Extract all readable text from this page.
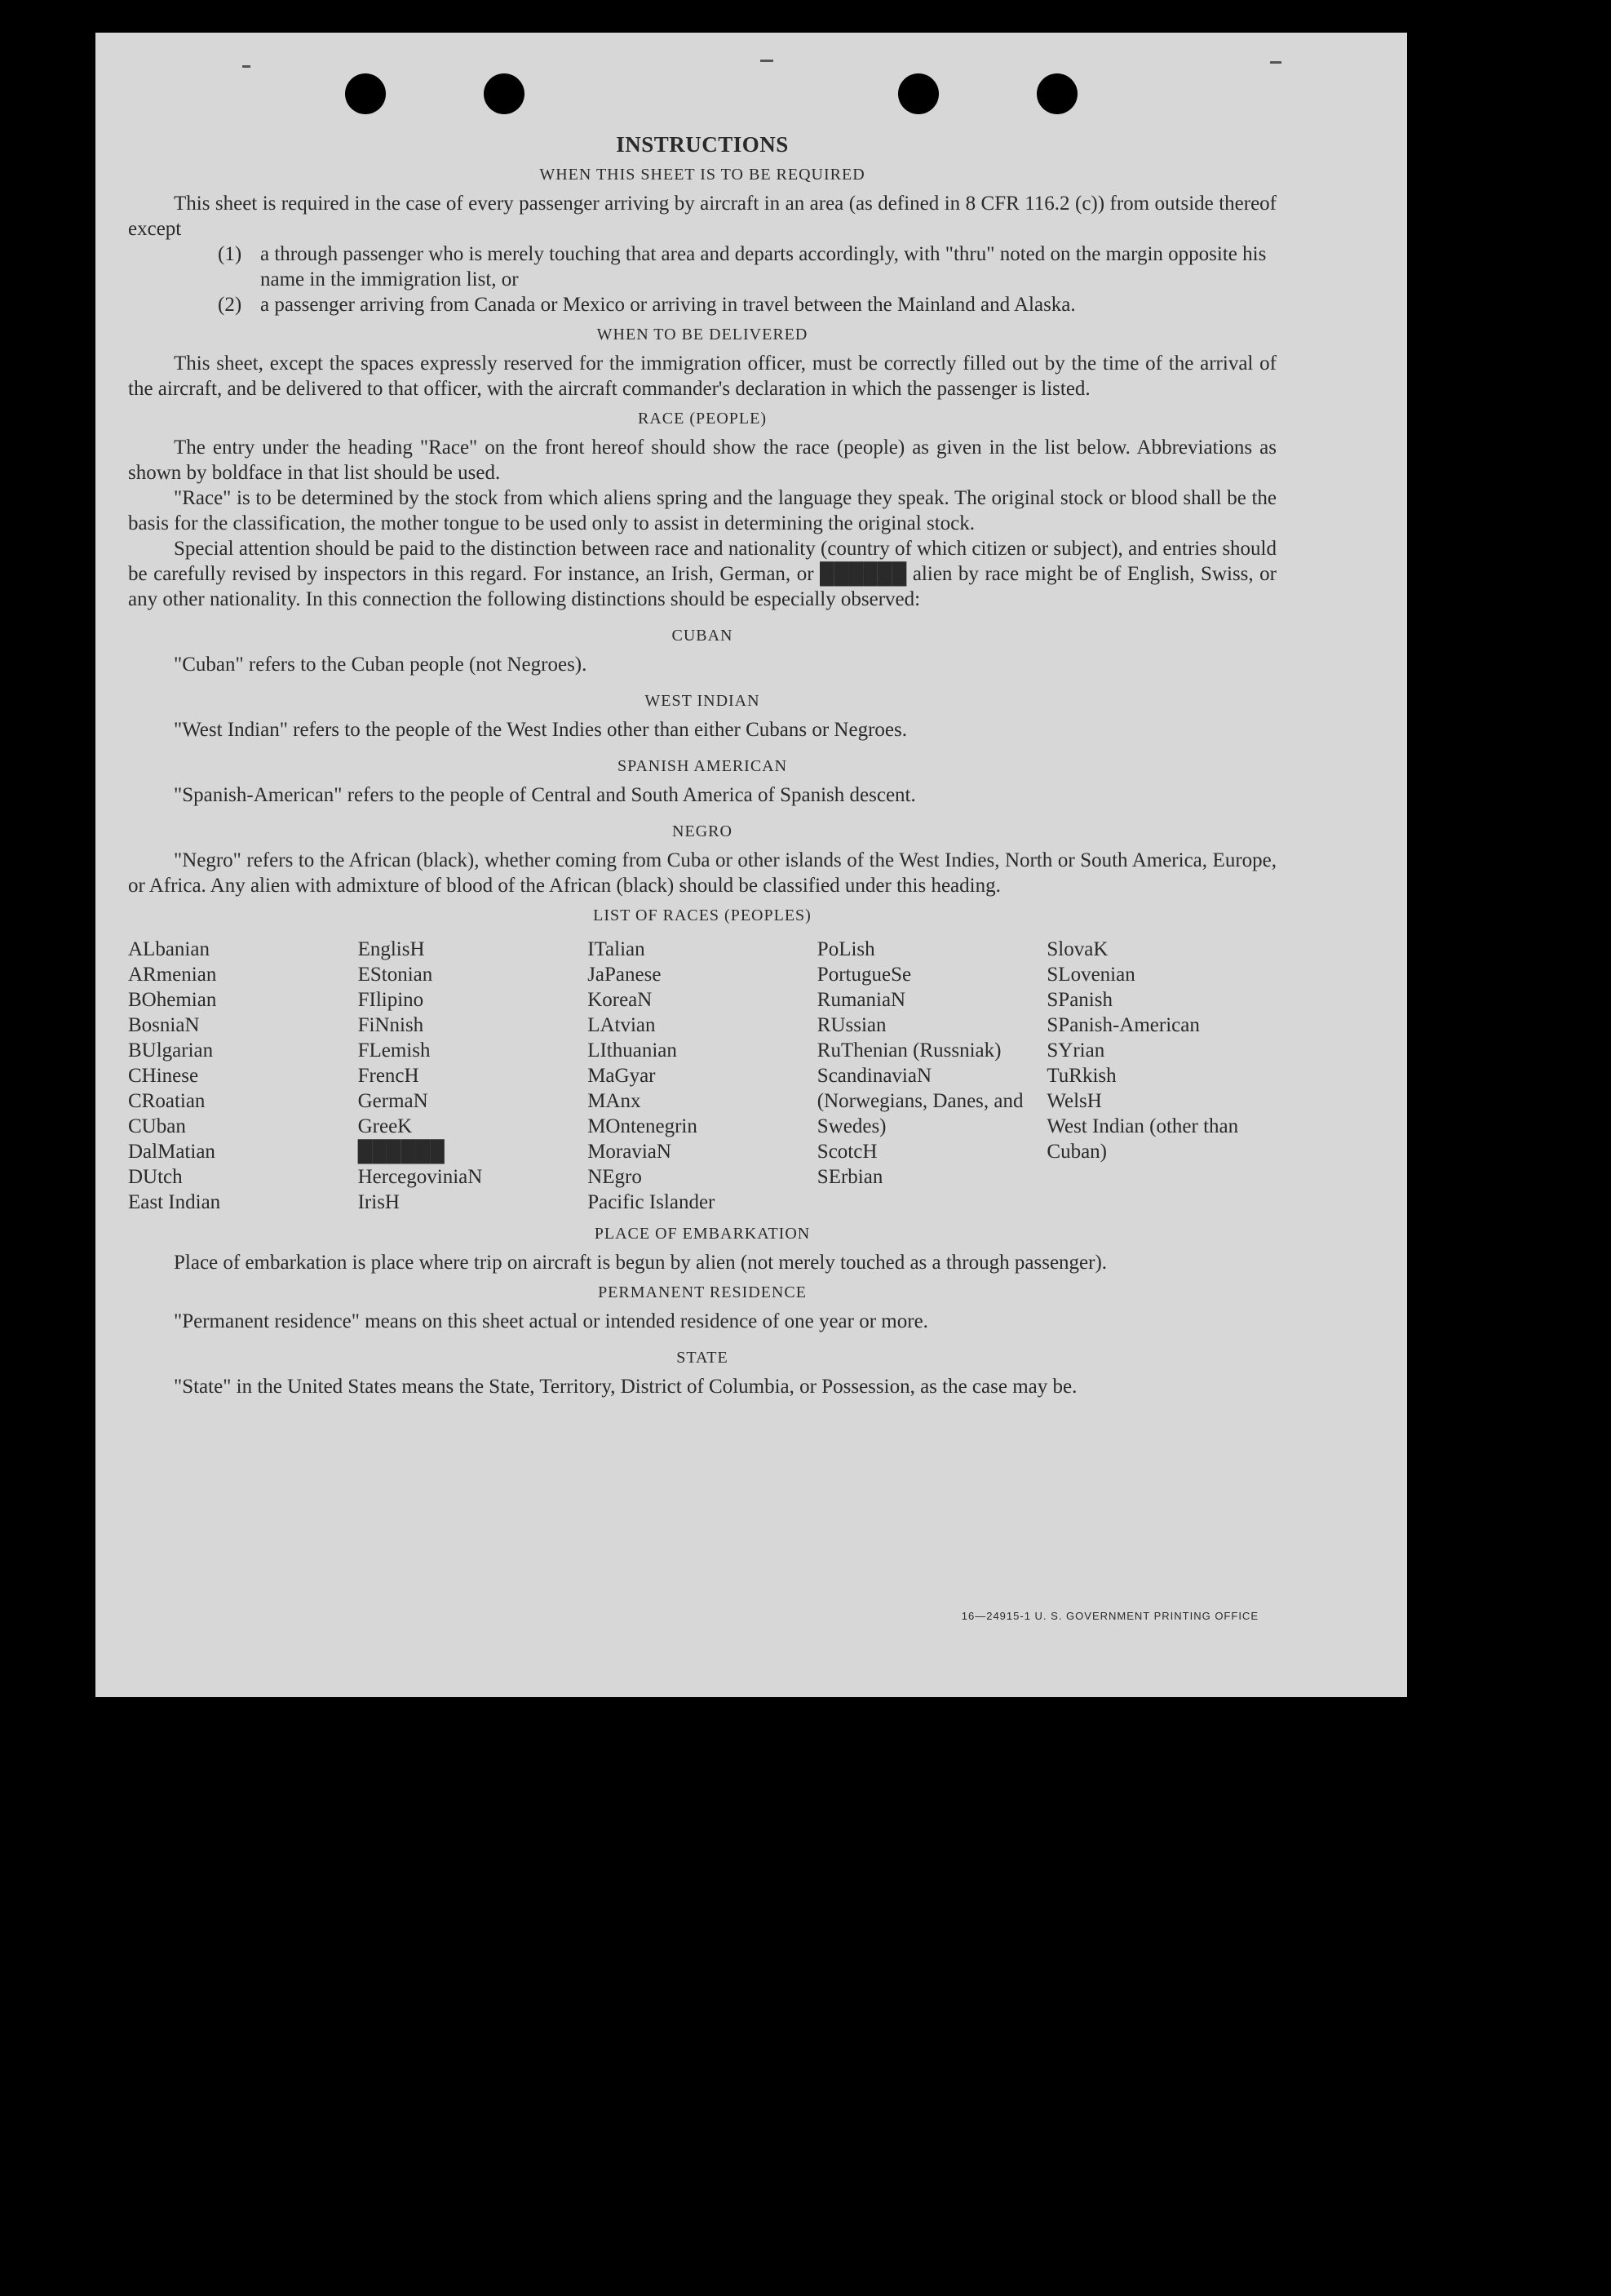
INSTRUCTIONS
WHEN THIS SHEET IS TO BE REQUIRED

This sheet is required in the case of every passenger arriving by aircraft in an area (as defined in 8 CFR 116.2 (c)) from outside thereof except

(1) a through passenger who is merely touching that area and departs accordingly, with "thru" noted on the margin opposite his name in the immigration list, or
(2) a passenger arriving from Canada or Mexico or arriving in travel between the Mainland and Alaska.
WHEN TO BE DELIVERED

This sheet, except the spaces expressly reserved for the immigration officer, must be correctly filled out by the time of the arrival of the aircraft, and be delivered to that officer, with the aircraft commander's declaration in which the passenger is listed.

RACE (PEOPLE)

The entry under the heading "Race" on the front hereof should show the race (people) as given in the list below. Abbreviations as shown by boldface in that list should be used.

"Race" is to be determined by the stock from which aliens spring and the language they speak. The original stock or blood shall be the basis for the classification, the mother tongue to be used only to assist in determining the original stock.

Special attention should be paid to the distinction between race and nationality (country of which citizen or subject), and entries should be carefully revised by inspectors in this regard. For instance, an Irish, German, or ██████ alien by race might be of English, Swiss, or any other nationality. In this connection the following distinctions should be especially observed:

CUBAN

"Cuban" refers to the Cuban people (not Negroes).

WEST INDIAN

"West Indian" refers to the people of the West Indies other than either Cubans or Negroes.

SPANISH AMERICAN

"Spanish-American" refers to the people of Central and South America of Spanish descent.

NEGRO

"Negro" refers to the African (black), whether coming from Cuba or other islands of the West Indies, North or South America, Europe, or Africa. Any alien with admixture of blood of the African (black) should be classified under this heading.

LIST OF RACES (PEOPLES)
ALbanian
ARmenian
BOhemian
BosniaN
BUlgarian
CHinese
CRoatian
CUban
DalMatian
DUtch
East Indian
EnglisH
EStonian
FIlipino
FiNnish
FLemish
FrencH
GermaN
GreeK
██████
HercegoviniaN
IrisH
ITalian
JaPanese
KoreaN
LAtvian
LIthuanian
MaGyar
MAnx
MOntenegrin
MoraviaN
NEgro
Pacific Islander
PoLish
PortugueSe
RumaniaN
RUssian
RuThenian (Russniak)
ScandinaviaN (Norwegians, Danes, and Swedes)
ScotcH
SErbian
SlovaK
SLovenian
SPanish
SPanish-American
SYrian
TuRkish
WelsH
West Indian (other than Cuban)
PLACE OF EMBARKATION

Place of embarkation is place where trip on aircraft is begun by alien (not merely touched as a through passenger).

PERMANENT RESIDENCE

"Permanent residence" means on this sheet actual or intended residence of one year or more.

STATE

"State" in the United States means the State, Territory, District of Columbia, or Possession, as the case may be.

16—24915-1 U. S. GOVERNMENT PRINTING OFFICE
